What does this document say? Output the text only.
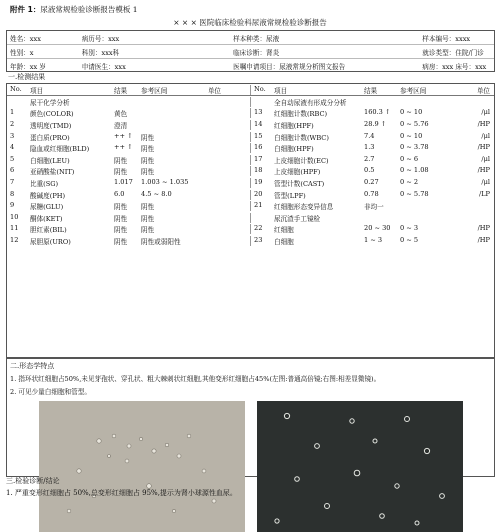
附件 1：尿液常规检验诊断报告模板 1
× × × 医院临床检验科尿液常规检验诊断报告
姓名：xxx	病历号：xxx	样本种类：尿液	样本编号：xxxx
性别：x	科别：xxx科	临床诊断：肾炎	就诊类型：住院/门诊
年龄：xx 岁	申请医生：xxx	医嘱申请项目：尿液常规分析图文报告	病房：xxx 床号：xxx
一.检测结果
No.	项目	结果	参考区间	单位	No.	项目	结果	参考区间	单位
尿干化学分析	全自动尿液有形成分分析
1	颜色(COLOR)	黄色	13	红细胞计数(RBC)	160.3 ↑	0 ~ 10	/μl
2	透明度(TMD)	澄清	14	红细胞(HPF)	28.9 ↑	0 ~ 5.76	/HP
3	蛋白质(PRO)	++ ↑	阴性	15	白细胞计数(WBC)	7.4	0 ~ 10	/μl
4	隐血或红细胞(BLD)	++ ↑	阴性	16	白细胞(HPF)	1.3	0 ~ 3.78	/HP
5	白细胞(LEU)	阴性	阴性	17	上皮细胞计数(EC)	2.7	0 ~ 6	/μl
6	亚硝酸盐(NIT)	阴性	阴性	18	上皮细胞(HPF)	0.5	0 ~ 1.08	/HP
7	比重(SG)	1.017	1.003 ~ 1.035	19	管型计数(CAST)	0.27	0 ~ 2	/μl
8	酸碱度(PH)	6.0	4.5 ~ 8.0	20	管型(LPF)	0.78	0 ~ 5.78	/LP
9	尿糖(GLU)	阴性	阴性	21	红细胞形态变异信息	非均一
10	酮体(KET)	阴性	阴性	尿沉渣手工镜检
11	胆红素(BIL)	阴性	阴性	22	红细胞	20 ~ 30	0 ~ 3	/HP
12	尿胆原(URO)	阴性	阴性或弱阳性	23	白细胞	1 ~ 3	0 ~ 5	/HP
二.形态学特点
1. 指环状红细胞占50%,未见芽孢状、穿孔状、粗大棘刺状红细胞,其他变形红细胞占45%(左图:普通高倍镜;右图:相差显微镜)。
2. 可见少量白细胞和管型。
三.检验诊断/结论
1. 严重变形红细胞占 50%,总变形红细胞占 95%,提示为肾小球源性血尿。
